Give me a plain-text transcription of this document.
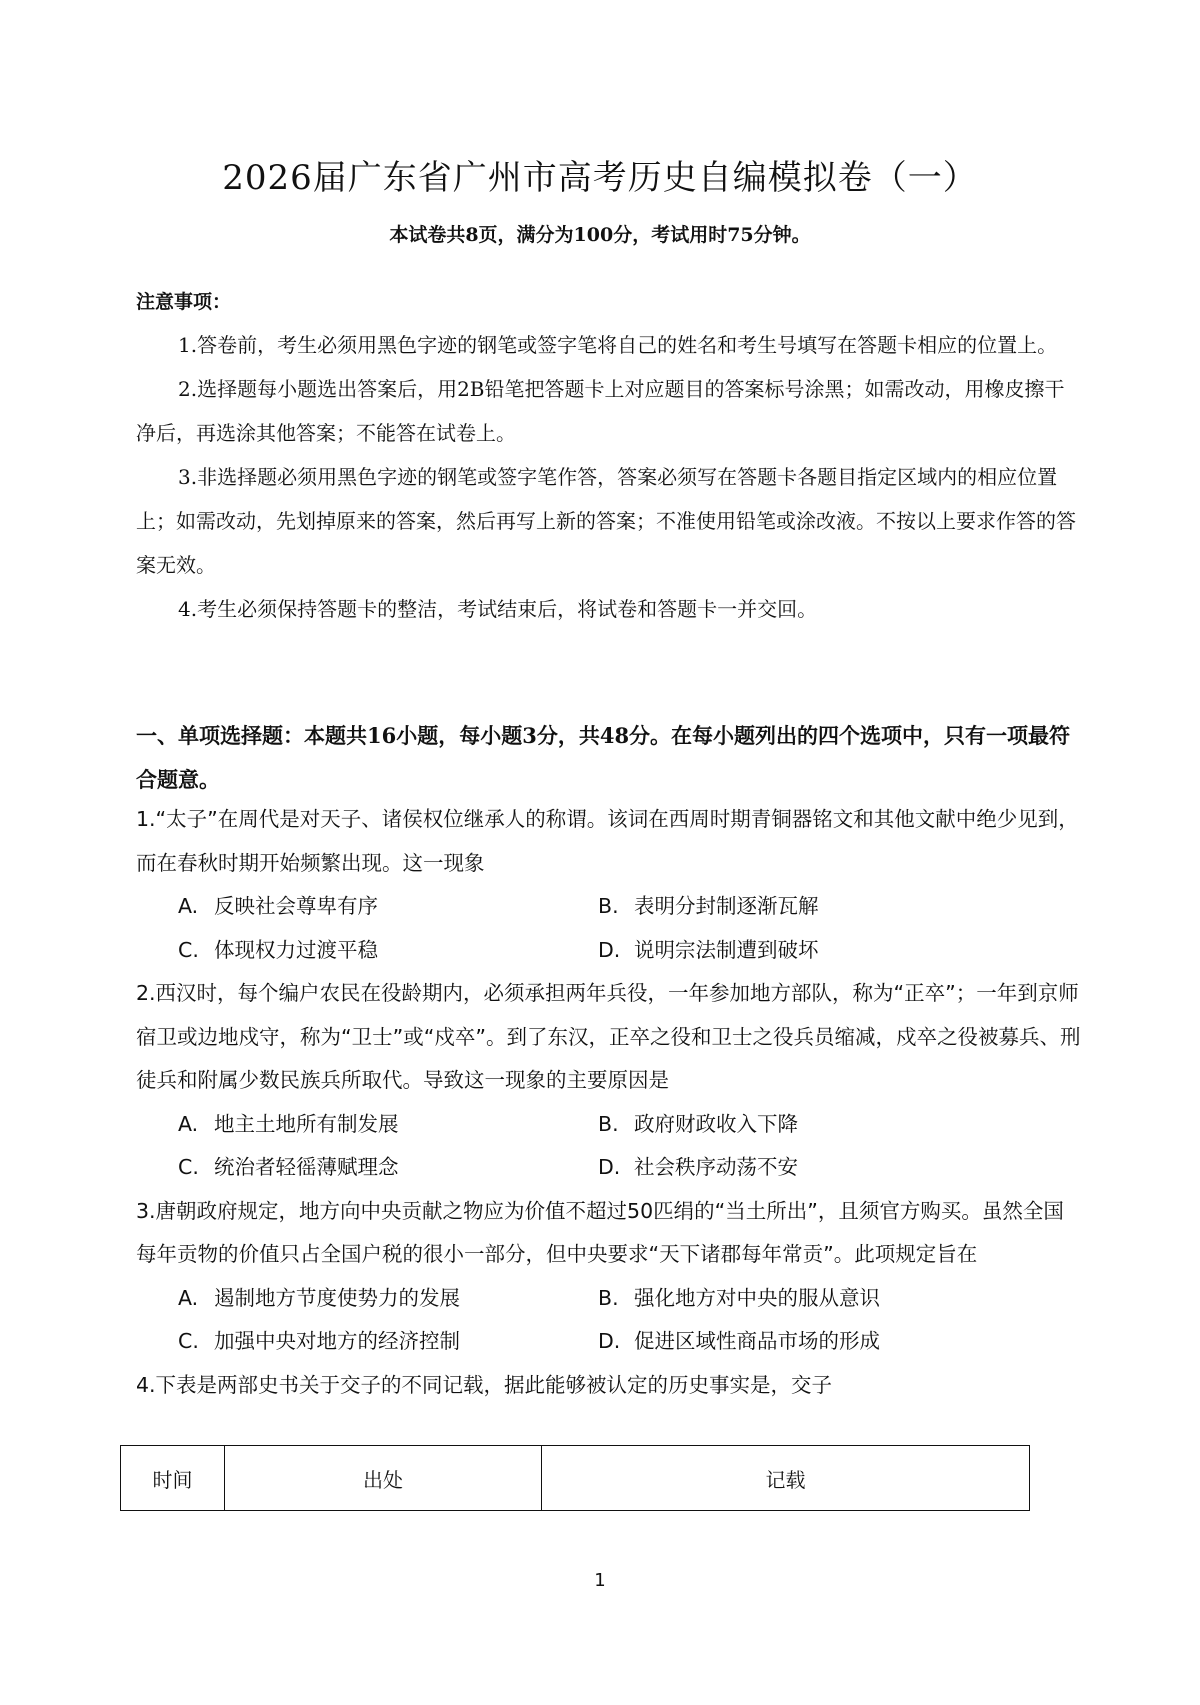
2026届广东省广州市高考历史自编模拟卷（一）
本试卷共8页，满分为100分，考试用时75分钟。
注意事项：

1.答卷前，考生必须用黑色字迹的钢笔或签字笔将自己的姓名和考生号填写在答题卡相应的位置上。

2.选择题每小题选出答案后，用2B铅笔把答题卡上对应题目的答案标号涂黑；如需改动，用橡皮擦干净后，再选涂其他答案；不能答在试卷上。

3.非选择题必须用黑色字迹的钢笔或签字笔作答，答案必须写在答题卡各题目指定区域内的相应位置上；如需改动，先划掉原来的答案，然后再写上新的答案；不准使用铅笔或涂改液。不按以上要求作答的答案无效。

4.考生必须保持答题卡的整洁，考试结束后，将试卷和答题卡一并交回。

一、单项选择题：本题共16小题，每小题3分，共48分。在每小题列出的四个选项中，只有一项最符合题意。

1.“太子”在周代是对天子、诸侯权位继承人的称谓。该词在西周时期青铜器铭文和其他文献中绝少见到，而在春秋时期开始频繁出现。这一现象

A. 反映社会尊卑有序	B. 表明分封制逐渐瓦解
C. 体现权力过渡平稳	D. 说明宗法制遭到破坏

2.西汉时，每个编户农民在役龄期内，必须承担两年兵役，一年参加地方部队，称为“正卒”；一年到京师宿卫或边地戍守，称为“卫士”或“戍卒”。到了东汉，正卒之役和卫士之役兵员缩减，戍卒之役被募兵、刑徒兵和附属少数民族兵所取代。导致这一现象的主要原因是

A. 地主土地所有制发展	B. 政府财政收入下降
C. 统治者轻徭薄赋理念	D. 社会秩序动荡不安

3.唐朝政府规定，地方向中央贡献之物应为价值不超过50匹绢的“当土所出”，且须官方购买。虽然全国每年贡物的价值只占全国户税的很小一部分，但中央要求“天下诸郡每年常贡”。此项规定旨在

A. 遏制地方节度使势力的发展	B. 强化地方对中央的服从意识
C. 加强中央对地方的经济控制	D. 促进区域性商品市场的形成

4.下表是两部史书关于交子的不同记载，据此能够被认定的历史事实是，交子

时间	出处	记载
1
